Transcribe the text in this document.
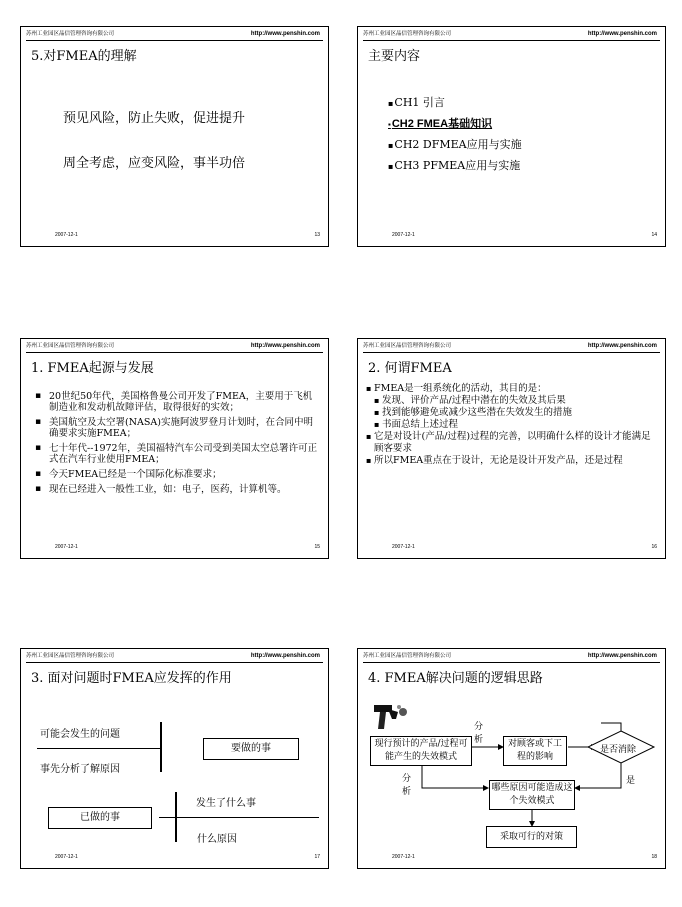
苏州工业园区晶信管理咨询有限公司	http://www.penshin.com
5.对FMEA的理解
预见风险，防止失败，促进提升
周全考虑，应变风险，事半功倍
2007-12-1	13
苏州工业园区晶信管理咨询有限公司	http://www.penshin.com
主要内容
▪ CH1 引言
▪ CH2 FMEA基础知识
▪ CH2 DFMEA应用与实施
▪ CH3 PFMEA应用与实施
2007-12-1	14
苏州工业园区晶信管理咨询有限公司	http://www.penshin.com
1. FMEA起源与发展
▪ 20世纪50年代，美国格鲁曼公司开发了FMEA，主要用于飞机制造业和发动机故障评估，取得很好的实效；
▪ 美国航空及太空署(NASA)实施阿波罗登月计划时，在合同中明确要求实施FMEA；
▪ 七十年代--1972年，美国福特汽车公司受到美国太空总署许可正式在汽车行业使用FMEA；
▪ 今天FMEA已经是一个国际化标准要求；
▪ 现在已经进入一般性工业，如：电子，医药，计算机等。
2007-12-1	15
苏州工业园区晶信管理咨询有限公司	http://www.penshin.com
2. 何谓FMEA
▪ FMEA是一组系统化的活动，其目的是：
▪ 发现、评价产品/过程中潜在的失效及其后果
▪ 找到能够避免或减少这些潜在失效发生的措施
▪ 书面总结上述过程
▪ 它是对设计(产品/过程)过程的完善，以明确什么样的设计才能满足顾客要求
▪ 所以FMEA重点在于设计，无论是设计开发产品，还是过程
2007-12-1	16
苏州工业园区晶信管理咨询有限公司	http://www.penshin.com
3. 面对问题时FMEA应发挥的作用
可能会发生的问题
事先分析了解原因
要做的事
发生了什么事
已做的事
什么原因
2007-12-1	17
苏州工业园区晶信管理咨询有限公司	http://www.penshin.com
4. FMEA解决问题的逻辑思路
现行预计的产品/过程可能产生的失效模式
分析	对顾客或下工程的影响
是否消除
是
分析	哪些原因可能造成这个失效模式
采取可行的对策
2007-12-1	18
